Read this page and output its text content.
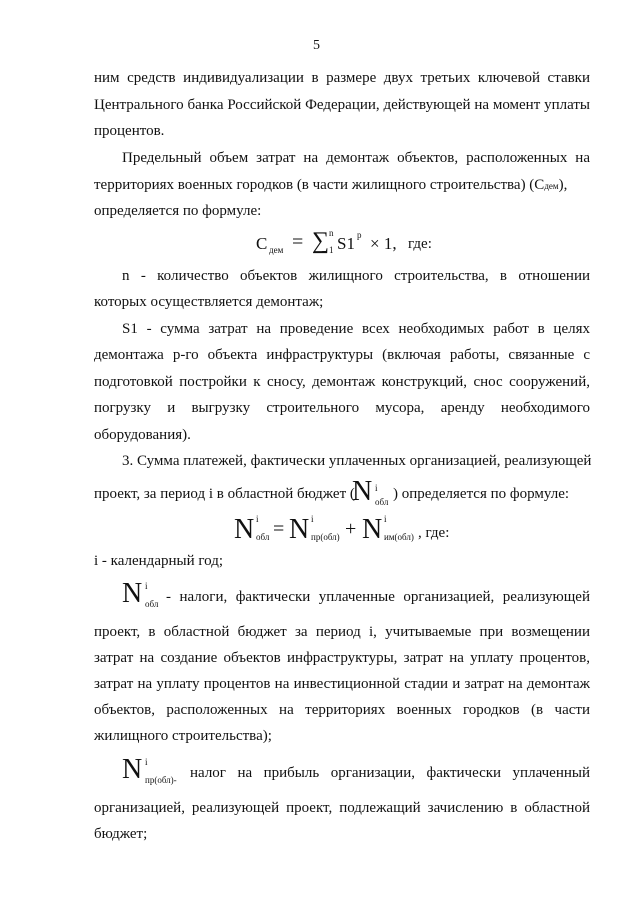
5
ним средств индивидуализации в размере двух третьих ключевой ставки
Центрального банка Российской Федерации, действующей на момент уплаты
процентов.
Предельный объем затрат на демонтаж объектов, расположенных на
территориях военных городков (в части жилищного строительства) (Cдем),
определяется по формуле:
C дем = ∑ n
1 S1 p × 1, где:
n - количество объектов жилищного строительства, в отношении
которых осуществляется демонтаж;
S1 - сумма затрат на проведение всех необходимых работ в целях
демонтажа р-го объекта инфраструктуры (включая работы, связанные с
подготовкой постройки к сносу, демонтаж конструкций, снос сооружений,
погрузку и выгрузку строительного мусора, аренду необходимого
оборудования).
3. Сумма платежей, фактически уплаченных организацией, реализующей
проект, за период i в областной бюджет (
N i
обл ) определяется по формуле:
N i
обл = N i
пр(обл) + N i
им(обл) , где:
i - календарный год;
N i
обл - налоги, фактически уплаченные организацией, реализующей
проект, в областной бюджет за период i, учитываемые при возмещении
затрат на создание объектов инфраструктуры, затрат на уплату процентов,
затрат на уплату процентов на инвестиционной стадии и затрат на демонтаж
объектов, расположенных на территориях военных городков (в части
жилищного строительства);
N i
пр(обл)- налог на прибыль организации, фактически уплаченный
организацией, реализующей проект, подлежащий зачислению в областной
бюджет;
